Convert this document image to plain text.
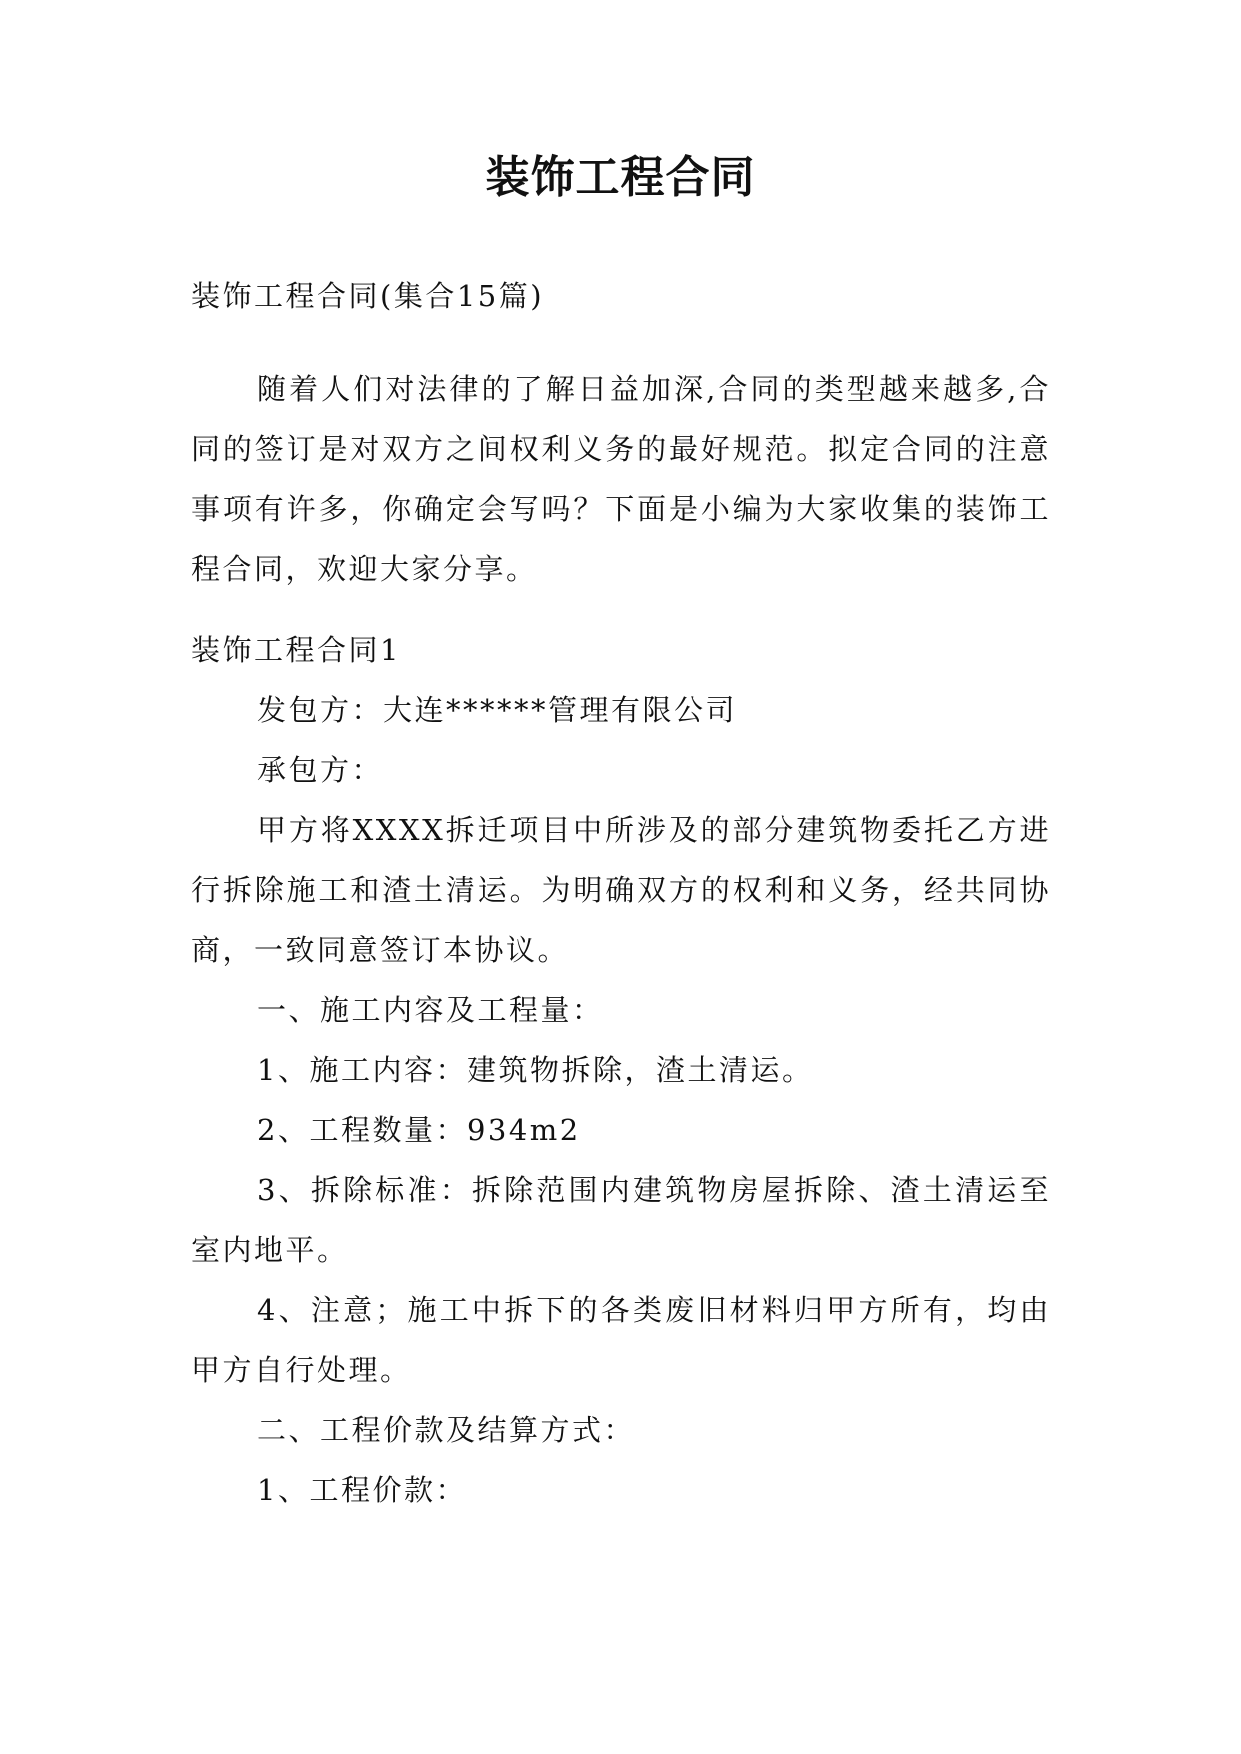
装饰工程合同

装饰工程合同(集合15篇)

随着人们对法律的了解日益加深,合同的类型越来越多,合同的签订是对双方之间权利义务的最好规范。拟定合同的注意事项有许多，你确定会写吗？下面是小编为大家收集的装饰工程合同，欢迎大家分享。

装饰工程合同1

发包方：大连******管理有限公司

承包方：

甲方将XXXX拆迁项目中所涉及的部分建筑物委托乙方进行拆除施工和渣土清运。为明确双方的权利和义务，经共同协商，一致同意签订本协议。

一、施工内容及工程量：

1、施工内容：建筑物拆除，渣土清运。

2、工程数量：934m2

3、拆除标准：拆除范围内建筑物房屋拆除、渣土清运至室内地平。

4、注意；施工中拆下的各类废旧材料归甲方所有，均由甲方自行处理。

二、工程价款及结算方式：

1、工程价款：
